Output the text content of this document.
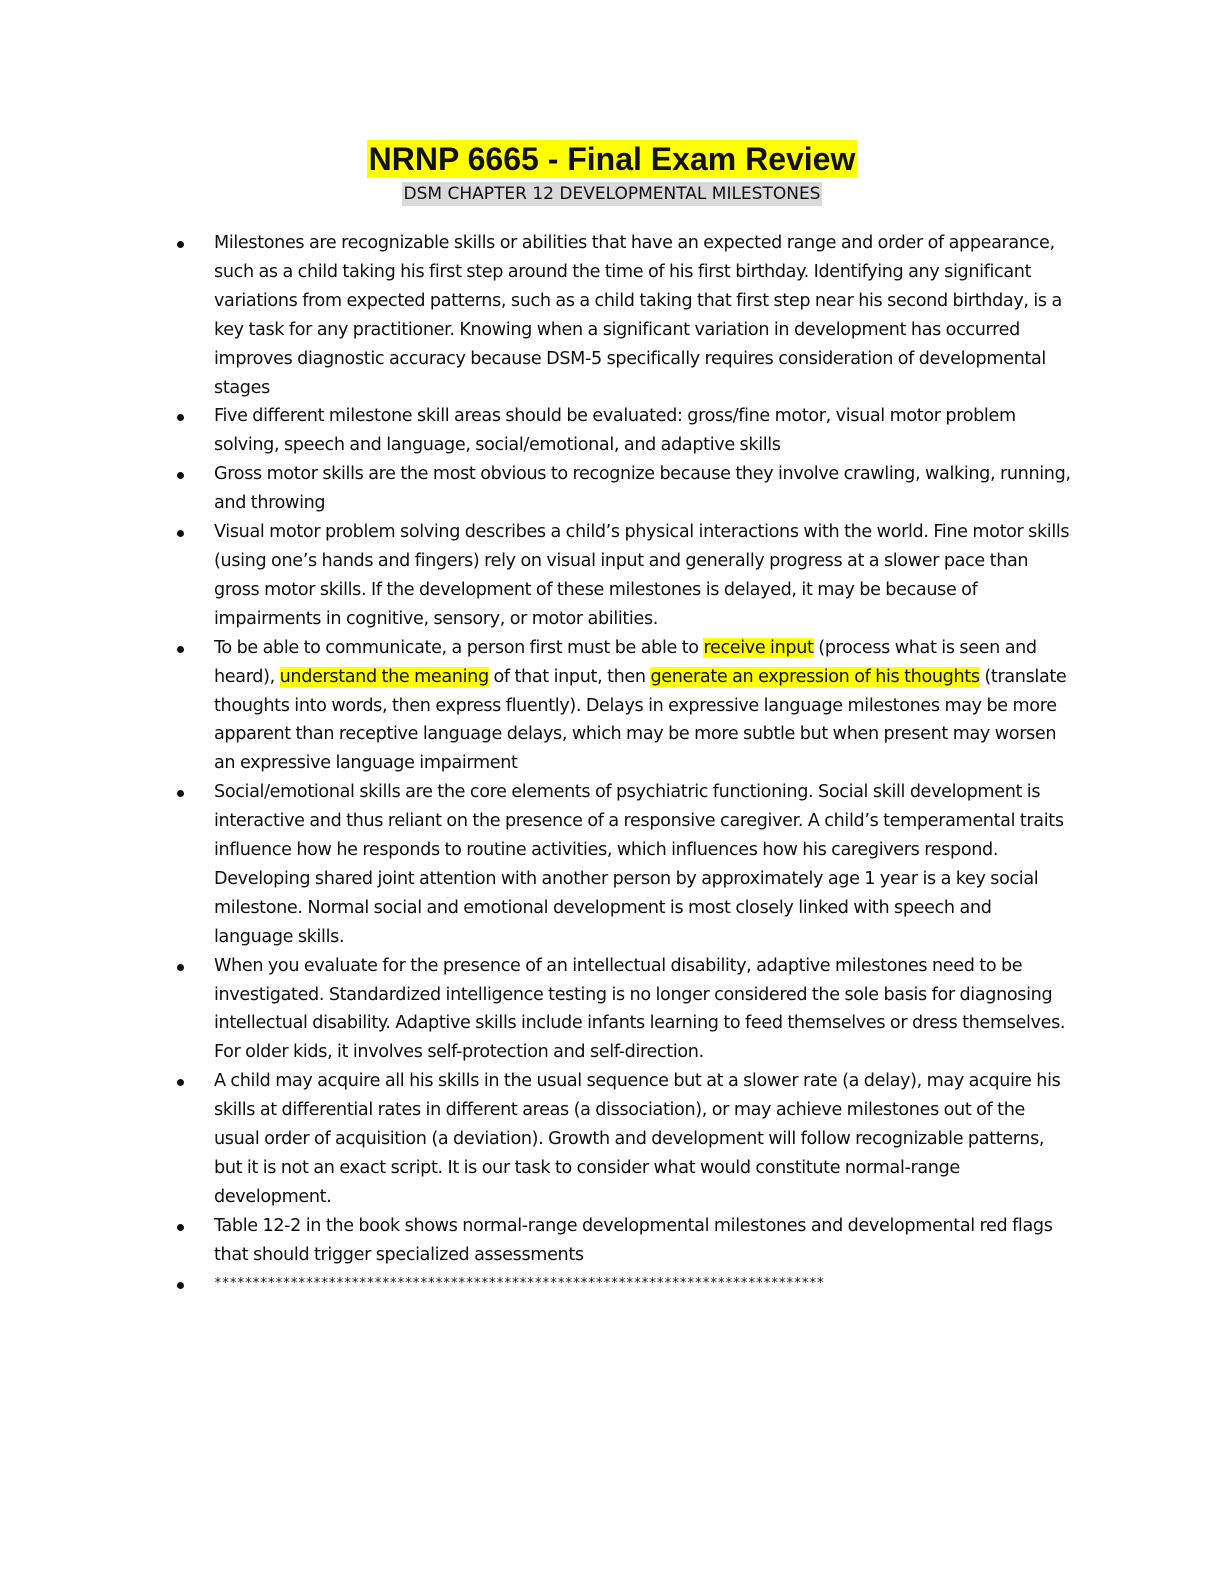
NRNP 6665 - Final Exam Review
DSM CHAPTER 12 DEVELOPMENTAL MILESTONES
Milestones are recognizable skills or abilities that have an expected range and order of appearance, such as a child taking his first step around the time of his first birthday. Identifying any significant variations from expected patterns, such as a child taking that first step near his second birthday, is a key task for any practitioner. Knowing when a significant variation in development has occurred improves diagnostic accuracy because DSM-5 specifically requires consideration of developmental stages
Five different milestone skill areas should be evaluated: gross/fine motor, visual motor problem solving, speech and language, social/emotional, and adaptive skills
Gross motor skills are the most obvious to recognize because they involve crawling, walking, running, and throwing
Visual motor problem solving describes a child’s physical interactions with the world. Fine motor skills (using one’s hands and fingers) rely on visual input and generally progress at a slower pace than gross motor skills. If the development of these milestones is delayed, it may be because of impairments in cognitive, sensory, or motor abilities.
To be able to communicate, a person first must be able to receive input (process what is seen and heard), understand the meaning of that input, then generate an expression of his thoughts (translate thoughts into words, then express fluently). Delays in expressive language milestones may be more apparent than receptive language delays, which may be more subtle but when present may worsen an expressive language impairment
Social/emotional skills are the core elements of psychiatric functioning. Social skill development is interactive and thus reliant on the presence of a responsive caregiver. A child’s temperamental traits influence how he responds to routine activities, which influences how his caregivers respond. Developing shared joint attention with another person by approximately age 1 year is a key social milestone. Normal social and emotional development is most closely linked with speech and language skills.
When you evaluate for the presence of an intellectual disability, adaptive milestones need to be investigated. Standardized intelligence testing is no longer considered the sole basis for diagnosing intellectual disability. Adaptive skills include infants learning to feed themselves or dress themselves. For older kids, it involves self-protection and self-direction.
A child may acquire all his skills in the usual sequence but at a slower rate (a delay), may acquire his skills at differential rates in different areas (a dissociation), or may achieve milestones out of the usual order of acquisition (a deviation). Growth and development will follow recognizable patterns, but it is not an exact script. It is our task to consider what would constitute normal-range development.
Table 12-2 in the book shows normal-range developmental milestones and developmental red flags that should trigger specialized assessments
********************************************************************************
